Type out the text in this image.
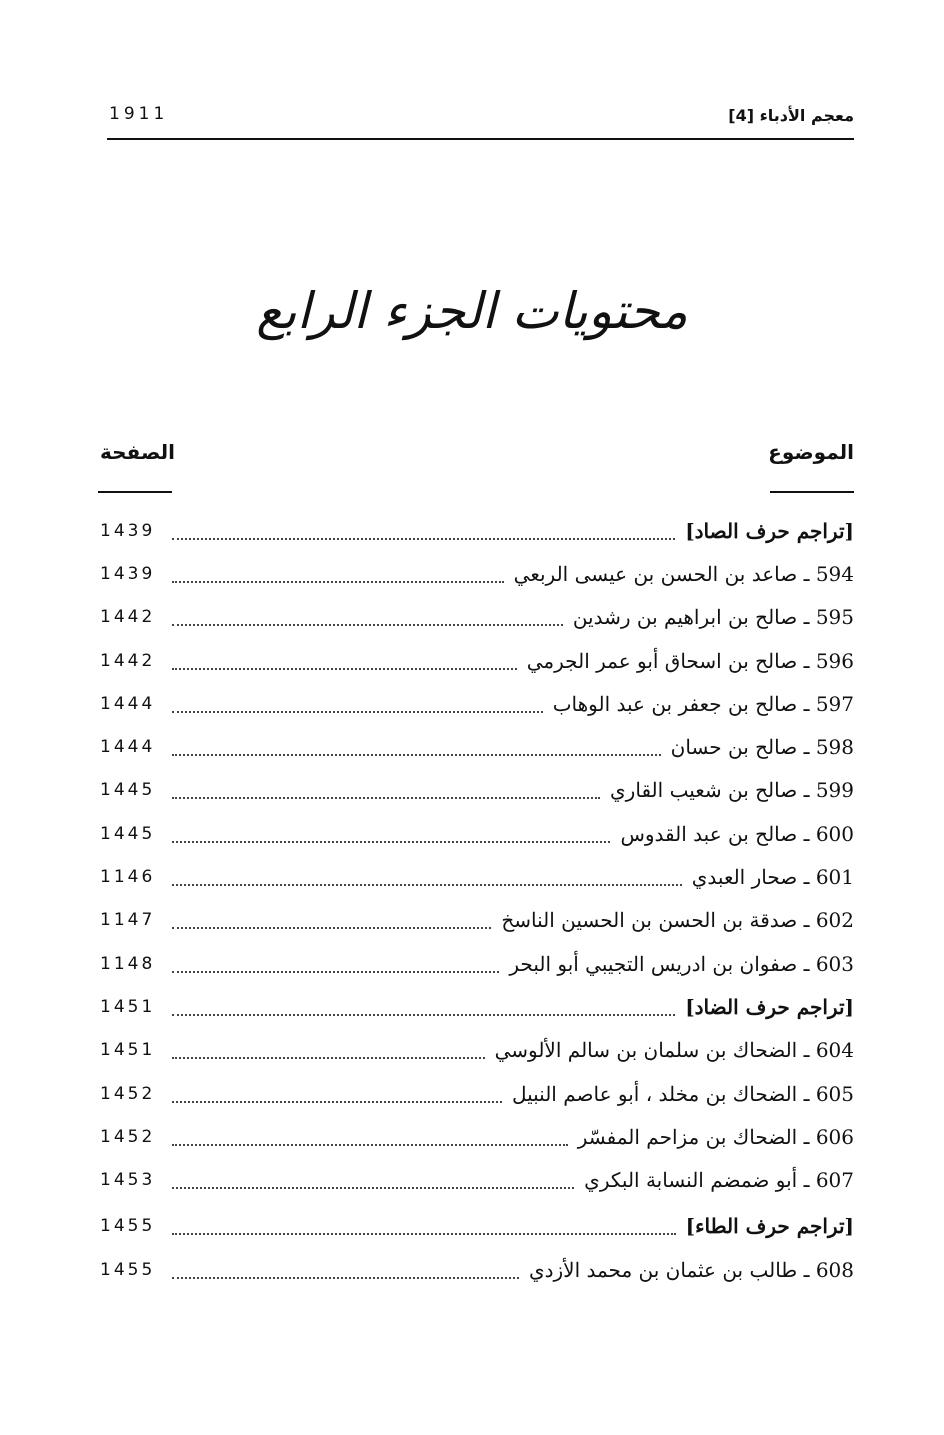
1911	معجم الأدباء [4]
محتويات الجزء الرابع
الموضوع
الصفحة
[تراجم حرف الصاد]
1439
594 ـ صاعد بن الحسن بن عيسى الربعي
1439
595 ـ صالح بن ابراهيم بن رشدين
1442
596 ـ صالح بن اسحاق أبو عمر الجرمي
1442
597 ـ صالح بن جعفر بن عبد الوهاب
1444
598 ـ صالح بن حسان
1444
599 ـ صالح بن شعيب القاري
1445
600 ـ صالح بن عبد القدوس
1445
601 ـ صحار العبدي
1146
602 ـ صدقة بن الحسن بن الحسين الناسخ
1147
603 ـ صفوان بن ادريس التجيبي أبو البحر
1148
[تراجم حرف الضاد]
1451
604 ـ الضحاك بن سلمان بن سالم الألوسي
1451
605 ـ الضحاك بن مخلد ، أبو عاصم النبيل
1452
606 ـ الضحاك بن مزاحم المفسّر
1452
607 ـ أبو ضمضم النسابة البكري
1453
[تراجم حرف الطاء]
1455
608 ـ طالب بن عثمان بن محمد الأزدي
1455
